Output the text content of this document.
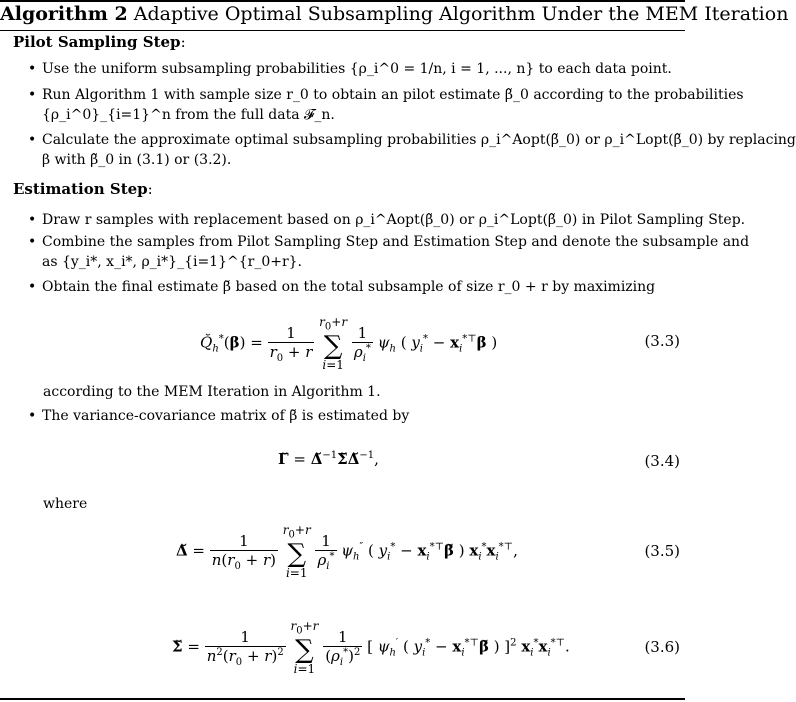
Algorithm 2 Adaptive Optimal Subsampling Algorithm Under the MEM Iteration
Pilot Sampling Step:
• Use the uniform subsampling probabilities {ρ_i^0 = 1/n, i = 1, ..., n} to each data point.
• Run Algorithm 1 with sample size r_0 to obtain an pilot estimate β̃_0 according to the probabilities
{ρ_i^0}_{i=1}^n from the full data 𝓕_n.
• Calculate the approximate optimal subsampling probabilities ρ_i^Aopt(β̃_0) or ρ_i^Lopt(β̃_0) by replacing
β with β̃_0 in (3.1) or (3.2).
Estimation Step:
• Draw r samples with replacement based on ρ_i^Aopt(β̃_0) or ρ_i^Lopt(β̃_0) in Pilot Sampling Step.
• Combine the samples from Pilot Sampling Step and Estimation Step and denote the subsample and
as {y_i*, x_i*, ρ_i*}_{i=1}^{r_0+r}.
• Obtain the final estimate β̆ based on the total subsample of size r_0 + r by maximizing
$Q̆_h^*(\beta) = \frac{1}{r_0 + r}$
$r_0+r$
∑
i=1
$\frac{1}{\rho_i^*} \psi_h$ ( $y_i^* - x_i^{*⊤}\beta$ )	(3.3)
according to the MEM Iteration in Algorithm 1.
• The variance-covariance matrix of β̆ is estimated by
Γ̆ = Δ̆$^{-1}$Σ̆Δ̆$^{-1}$,	(3.4)
where
Δ̆ = $\frac{1}{n(r_0 + r)}$
$r_0+r$
∑
i=1
$\frac{1}{\rho_i^*} \psi_h''$ ( $y_i^*$ − $x_i^{*⊤}\betă$ ) $x_i^*x_i^{*⊤}$,	(3.5)
Σ̆ = $\frac{1}{n^2(r_0 + r)^2}$
$r_0+r$
∑
i=1
$\frac{1}{(\rho_i^*)^2}$ [ $\psi_h'$ ( $y_i^*$ − $x_i^{*⊤}\betă$ ) ]$^2$ $x_i^*x_i^{*⊤}$.	(3.6)
